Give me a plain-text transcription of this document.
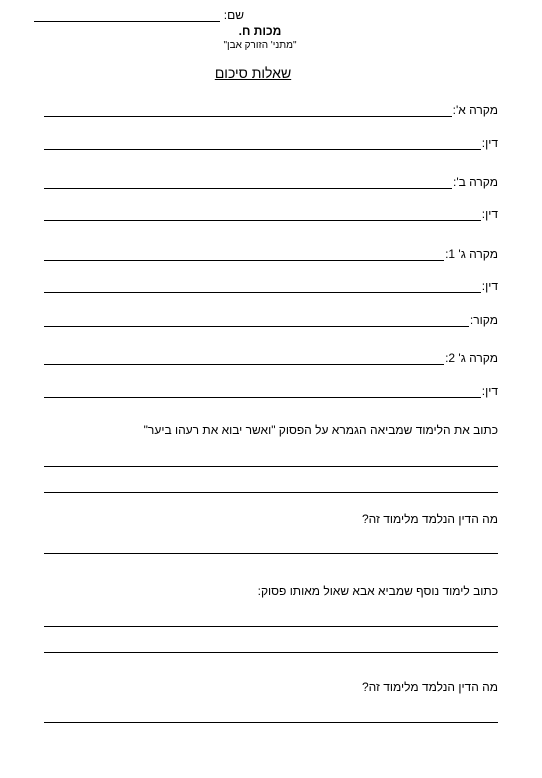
שם:
מכות ח.
"מתני' הזורק אבן"
שאלות סיכום
מקרה א':
דין:
מקרה ב':
דין:
מקרה ג' 1:
דין:
מקור:
מקרה ג' 2:
דין:
כתוב את הלימוד שמביאה הגמרא על הפסוק "ואשר יבוא את רעהו ביער"
מה הדין הנלמד מלימוד זה?
כתוב לימוד נוסף שמביא אבא שאול מאותו פסוק:
מה הדין הנלמד מלימוד זה?
